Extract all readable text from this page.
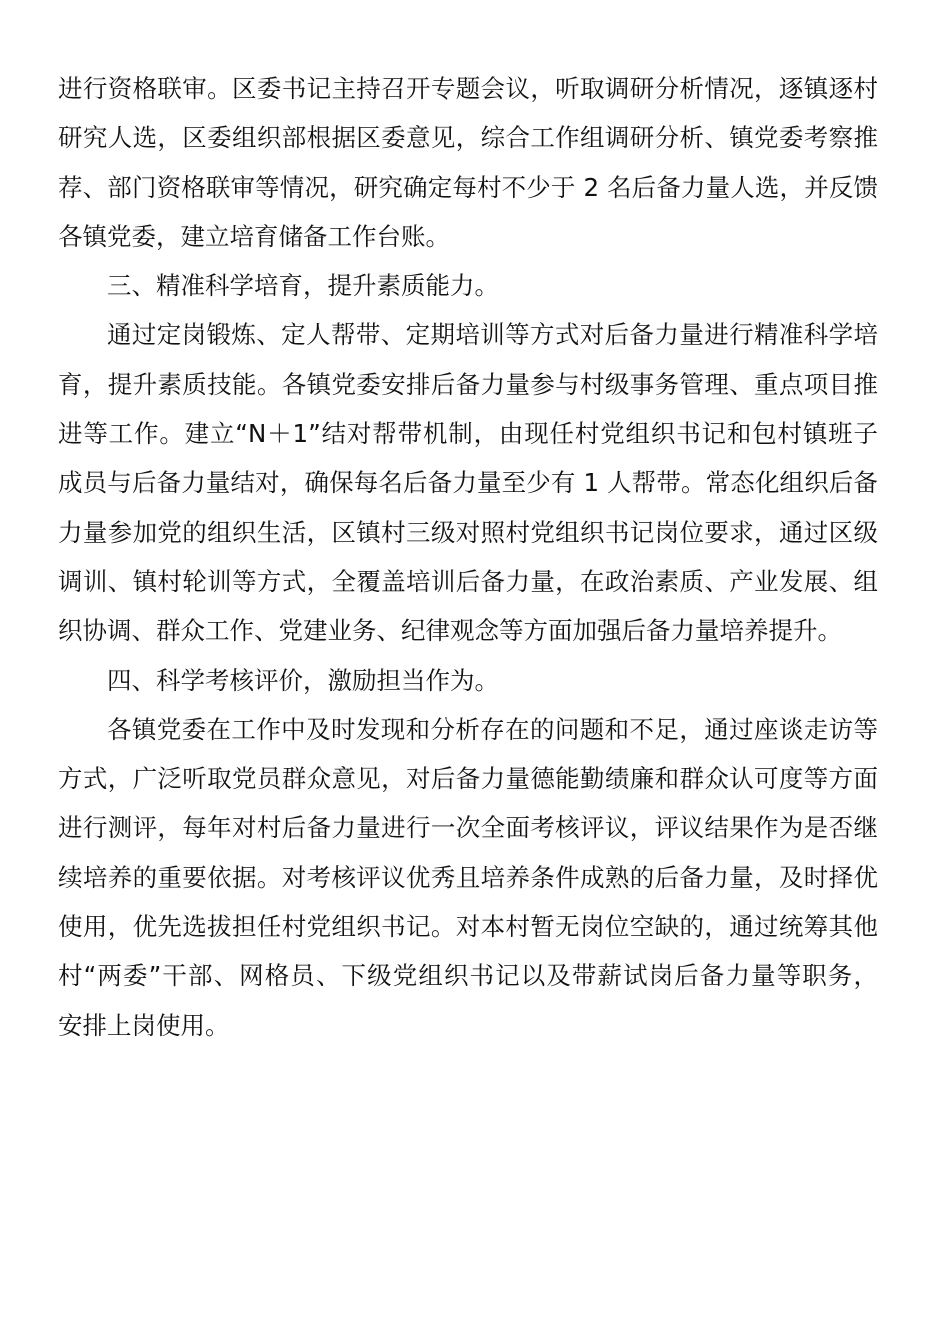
进行资格联审。区委书记主持召开专题会议，听取调研分析情况，逐镇逐村
研究人选，区委组织部根据区委意见，综合工作组调研分析、镇党委考察推
荐、部门资格联审等情况，研究确定每村不少于 2 名后备力量人选，并反馈
各镇党委，建立培育储备工作台账。
三、精准科学培育，提升素质能力。
通过定岗锻炼、定人帮带、定期培训等方式对后备力量进行精准科学培
育，提升素质技能。各镇党委安排后备力量参与村级事务管理、重点项目推
进等工作。建立“N＋1”结对帮带机制，由现任村党组织书记和包村镇班子
成员与后备力量结对，确保每名后备力量至少有 1 人帮带。常态化组织后备
力量参加党的组织生活，区镇村三级对照村党组织书记岗位要求，通过区级
调训、镇村轮训等方式，全覆盖培训后备力量，在政治素质、产业发展、组
织协调、群众工作、党建业务、纪律观念等方面加强后备力量培养提升。
四、科学考核评价，激励担当作为。
各镇党委在工作中及时发现和分析存在的问题和不足，通过座谈走访等
方式，广泛听取党员群众意见，对后备力量德能勤绩廉和群众认可度等方面
进行测评，每年对村后备力量进行一次全面考核评议，评议结果作为是否继
续培养的重要依据。对考核评议优秀且培养条件成熟的后备力量，及时择优
使用，优先选拔担任村党组织书记。对本村暂无岗位空缺的，通过统筹其他
村“两委”干部、网格员、下级党组织书记以及带薪试岗后备力量等职务，
安排上岗使用。
